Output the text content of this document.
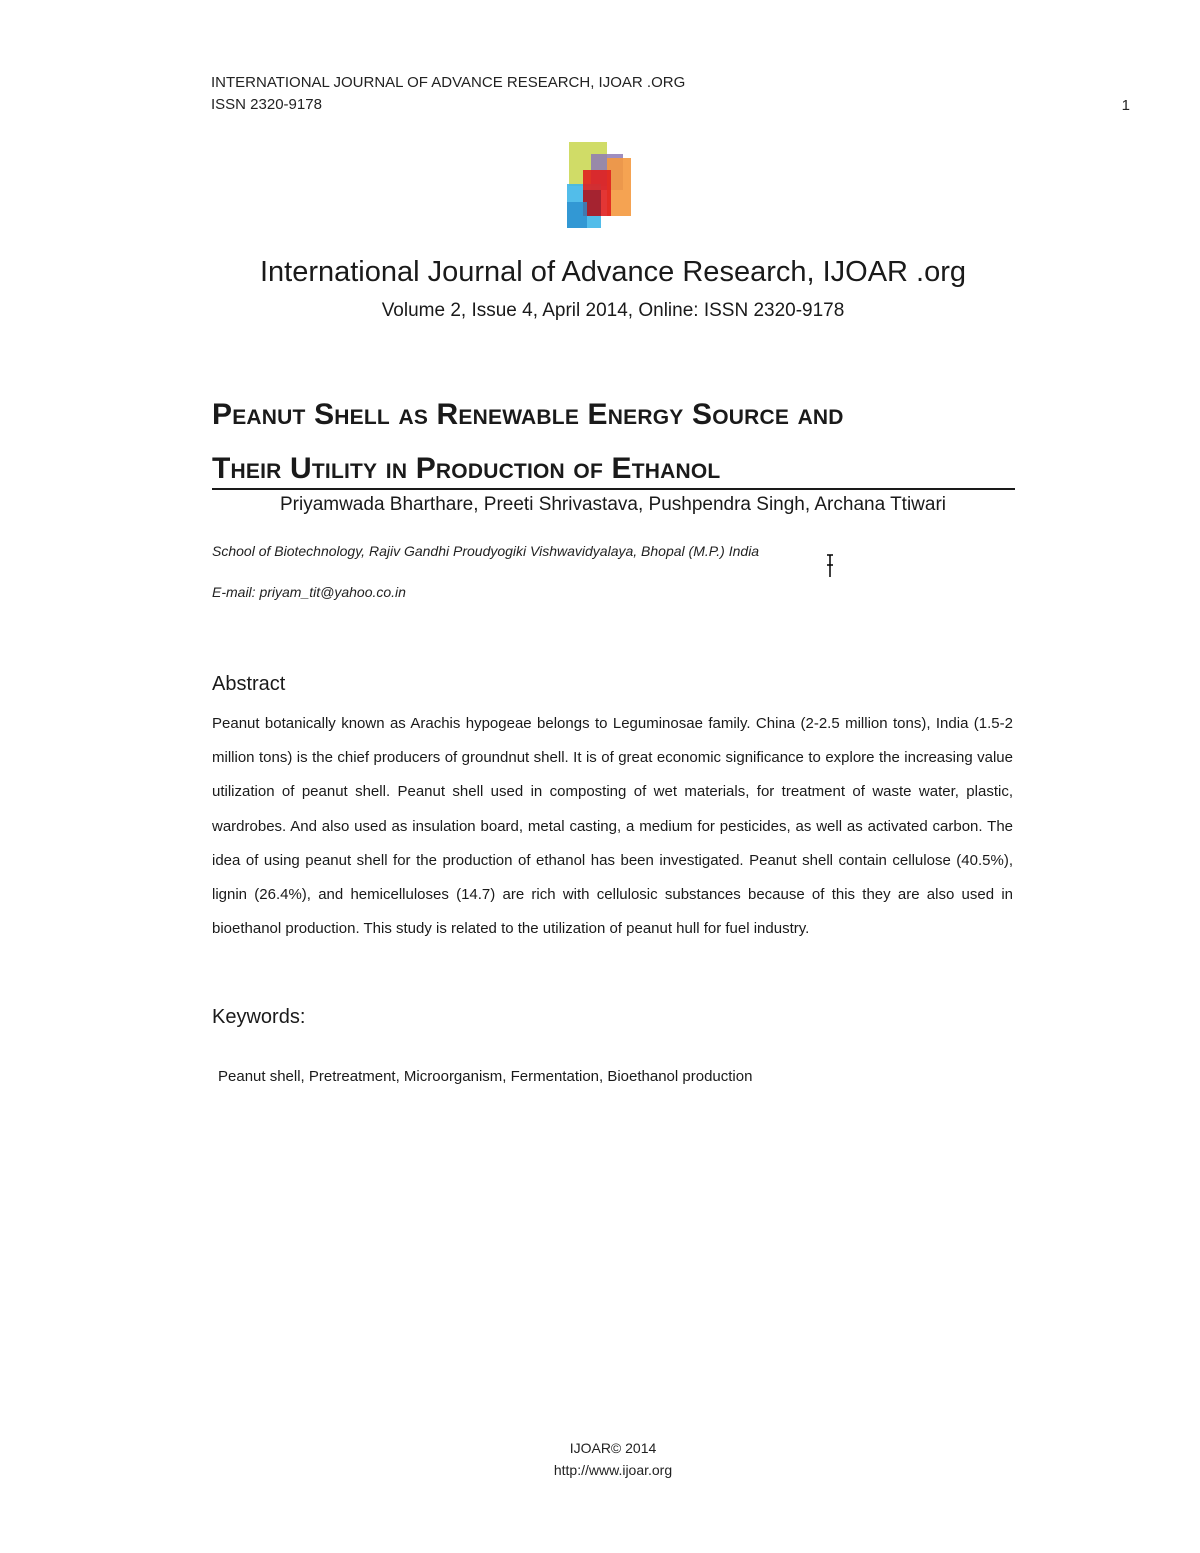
INTERNATIONAL JOURNAL OF ADVANCE RESEARCH, IJOAR .ORG
ISSN 2320-9178	1
International Journal of Advance Research, IJOAR .org
Volume 2, Issue 4, April 2014, Online: ISSN 2320-9178
Peanut Shell as Renewable Energy Source and
Their Utility in Production of Ethanol
Priyamwada Bharthare, Preeti Shrivastava, Pushpendra Singh, Archana Ttiwari
School of Biotechnology, Rajiv Gandhi Proudyogiki Vishwavidyalaya, Bhopal (M.P.) India
E-mail: priyam_tit@yahoo.co.in
Abstract
Peanut botanically known as Arachis hypogeae belongs to Leguminosae family. China (2-2.5 million tons), India (1.5-2 million tons) is the chief producers of groundnut shell. It is of great economic significance to explore the increasing value utilization of peanut shell. Peanut shell used in composting of wet materials, for treatment of waste water, plastic, wardrobes. And also used as insulation board, metal casting, a medium for pesticides, as well as activated carbon. The idea of using peanut shell for the production of ethanol has been investigated. Peanut shell contain cellulose (40.5%), lignin (26.4%), and hemicelluloses (14.7) are rich with cellulosic substances because of this they are also used in bioethanol production. This study is related to the utilization of peanut hull for fuel industry.
Keywords:
Peanut shell, Pretreatment, Microorganism, Fermentation, Bioethanol production
IJOAR© 2014
http://www.ijoar.org
